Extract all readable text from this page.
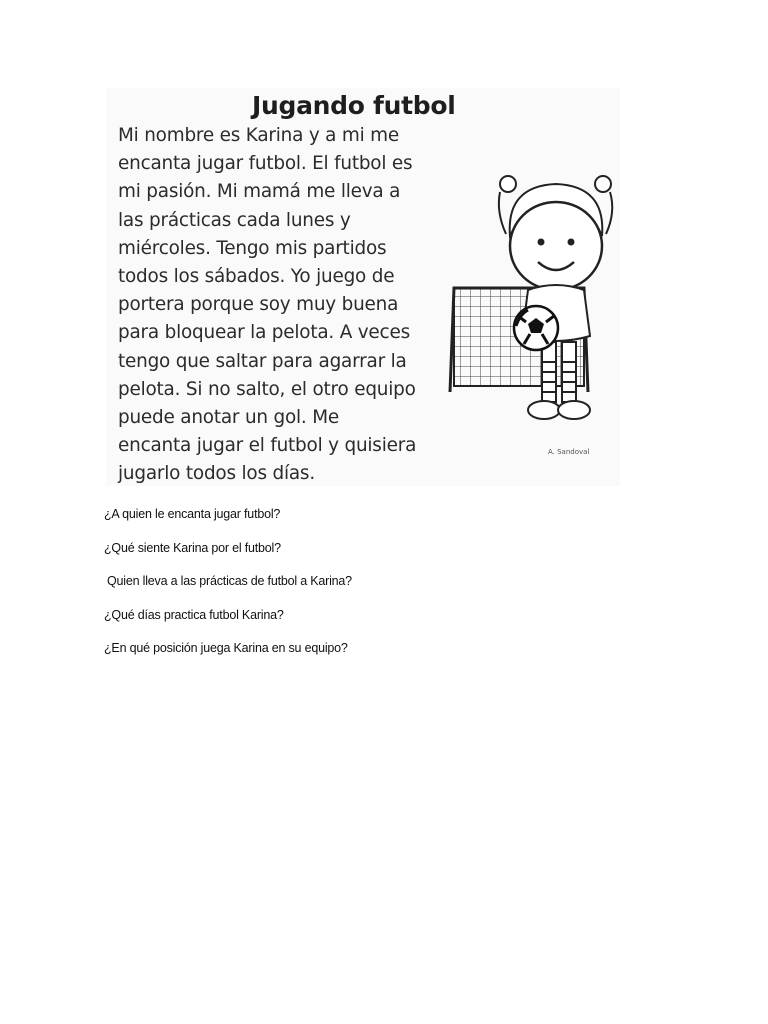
Jugando futbol
Mi nombre es Karina y a mi me
encanta jugar futbol. El futbol es
mi pasión. Mi mamá me lleva a
las prácticas cada lunes y
miércoles. Tengo mis partidos
todos los sábados. Yo juego de
portera porque soy muy buena
para bloquear la pelota. A veces
tengo que saltar para agarrar la
pelota. Si no salto, el otro equipo
puede anotar un gol. Me
encanta jugar el futbol y quisiera
jugarlo todos los días.
A. Sandoval
¿A quien le encanta jugar futbol?
¿Qué siente Karina por el futbol?
Quien lleva a las prácticas de futbol a Karina?
¿Qué días practica futbol Karina?
¿En qué posición juega Karina en su equipo?
